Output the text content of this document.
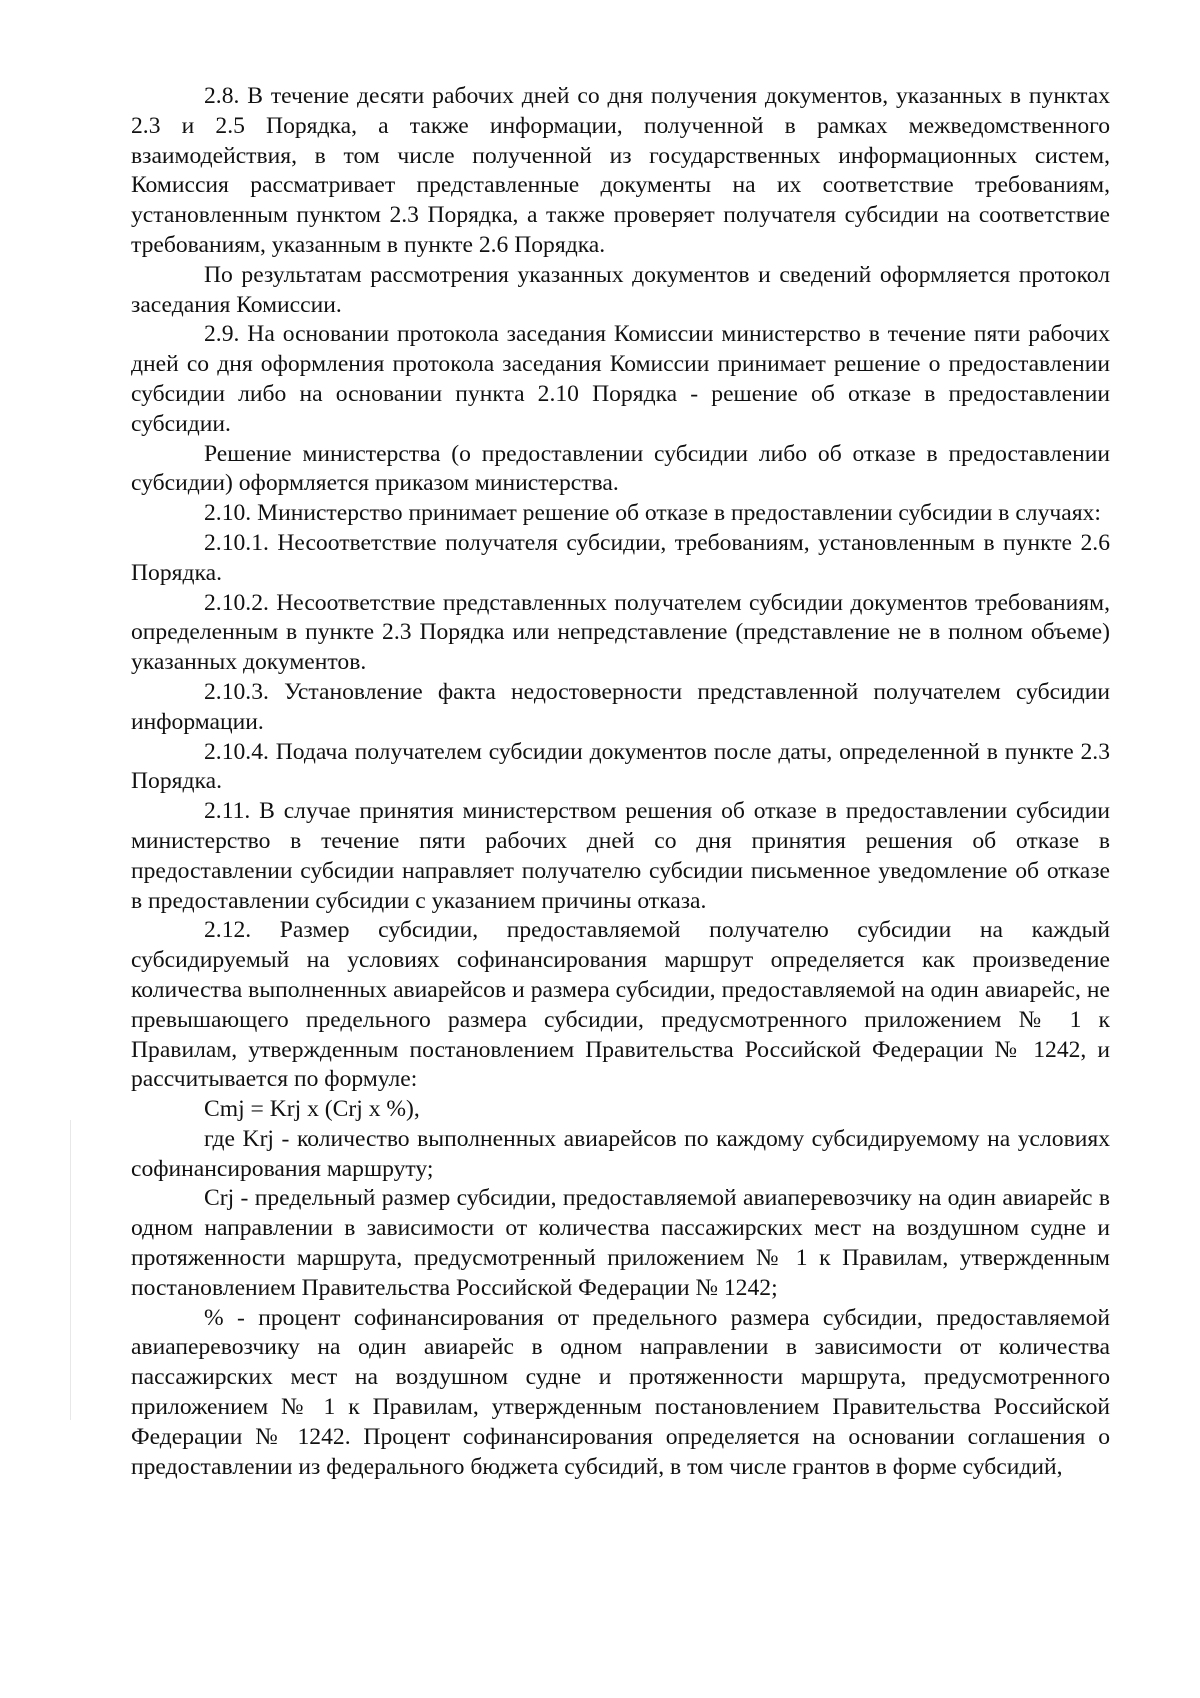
2.8. В течение десяти рабочих дней со дня получения документов, указанных в пунктах 2.3 и 2.5 Порядка, а также информации, полученной в рамках межведомственного взаимодействия, в том числе полученной из государственных информационных систем, Комиссия рассматривает представленные документы на их соответствие требованиям, установленным пунктом 2.3 Порядка, а также проверяет получателя субсидии на соответствие требованиям, указанным в пункте 2.6 Порядка.

По результатам рассмотрения указанных документов и сведений оформляется протокол заседания Комиссии.

2.9. На основании протокола заседания Комиссии министерство в течение пяти рабочих дней со дня оформления протокола заседания Комиссии принимает решение о предоставлении субсидии либо на основании пункта 2.10 Порядка - решение об отказе в предоставлении субсидии.

Решение министерства (о предоставлении субсидии либо об отказе в предоставлении субсидии) оформляется приказом министерства.

2.10. Министерство принимает решение об отказе в предоставлении субсидии в случаях:

2.10.1. Несоответствие получателя субсидии, требованиям, установленным в пункте 2.6 Порядка.

2.10.2. Несоответствие представленных получателем субсидии документов требованиям, определенным в пункте 2.3 Порядка или непредставление (представление не в полном объеме) указанных документов.

2.10.3. Установление факта недостоверности представленной получателем субсидии информации.

2.10.4. Подача получателем субсидии документов после даты, определенной в пункте 2.3 Порядка.

2.11. В случае принятия министерством решения об отказе в предоставлении субсидии министерство в течение пяти рабочих дней со дня принятия решения об отказе в предоставлении субсидии направляет получателю субсидии письменное уведомление об отказе в предоставлении субсидии с указанием причины отказа.

2.12. Размер субсидии, предоставляемой получателю субсидии на каждый субсидируемый на условиях софинансирования маршрут определяется как произведение количества выполненных авиарейсов и размера субсидии, предоставляемой на один авиарейс, не превышающего предельного размера субсидии, предусмотренного приложением № 1 к Правилам, утвержденным постановлением Правительства Российской Федерации № 1242, и рассчитывается по формуле:

Cmj = Krj x (Crj x %),

где Krj - количество выполненных авиарейсов по каждому субсидируемому на условиях софинансирования маршруту;

Crj - предельный размер субсидии, предоставляемой авиаперевозчику на один авиарейс в одном направлении в зависимости от количества пассажирских мест на воздушном судне и протяженности маршрута, предусмотренный приложением № 1 к Правилам, утвержденным постановлением Правительства Российской Федерации № 1242;

% - процент софинансирования от предельного размера субсидии, предоставляемой авиаперевозчику на один авиарейс в одном направлении в зависимости от количества пассажирских мест на воздушном судне и протяженности маршрута, предусмотренного приложением № 1 к Правилам, утвержденным постановлением Правительства Российской Федерации № 1242. Процент софинансирования определяется на основании соглашения о предоставлении из федерального бюджета субсидий, в том числе грантов в форме субсидий,
